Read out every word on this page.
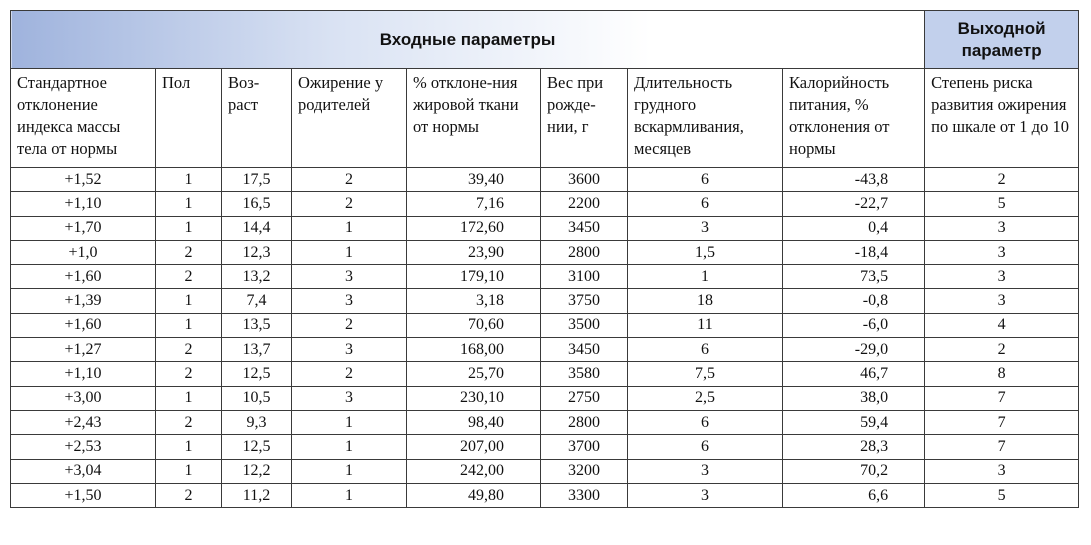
Входные параметры								Выходной параметр
Стандартное отклонение индекса массы тела от нормы	Пол	Воз-раст	Ожирение у родителей	% отклоне-ния жировой ткани от нормы	Вес при рожде-нии, г	Длительность грудного вскармливания, месяцев	Калорийность питания, % отклонения от нормы	Степень риска развития ожирения по шкале от 1 до 10
+1,52	1	17,5	2	39,40	3600	6	-43,8	2
+1,10	1	16,5	2	7,16	2200	6	-22,7	5
+1,70	1	14,4	1	172,60	3450	3	0,4	3
+1,0	2	12,3	1	23,90	2800	1,5	-18,4	3
+1,60	2	13,2	3	179,10	3100	1	73,5	3
+1,39	1	7,4	3	3,18	3750	18	-0,8	3
+1,60	1	13,5	2	70,60	3500	11	-6,0	4
+1,27	2	13,7	3	168,00	3450	6	-29,0	2
+1,10	2	12,5	2	25,70	3580	7,5	46,7	8
+3,00	1	10,5	3	230,10	2750	2,5	38,0	7
+2,43	2	9,3	1	98,40	2800	6	59,4	7
+2,53	1	12,5	1	207,00	3700	6	28,3	7
+3,04	1	12,2	1	242,00	3200	3	70,2	3
+1,50	2	11,2	1	49,80	3300	3	6,6	5
